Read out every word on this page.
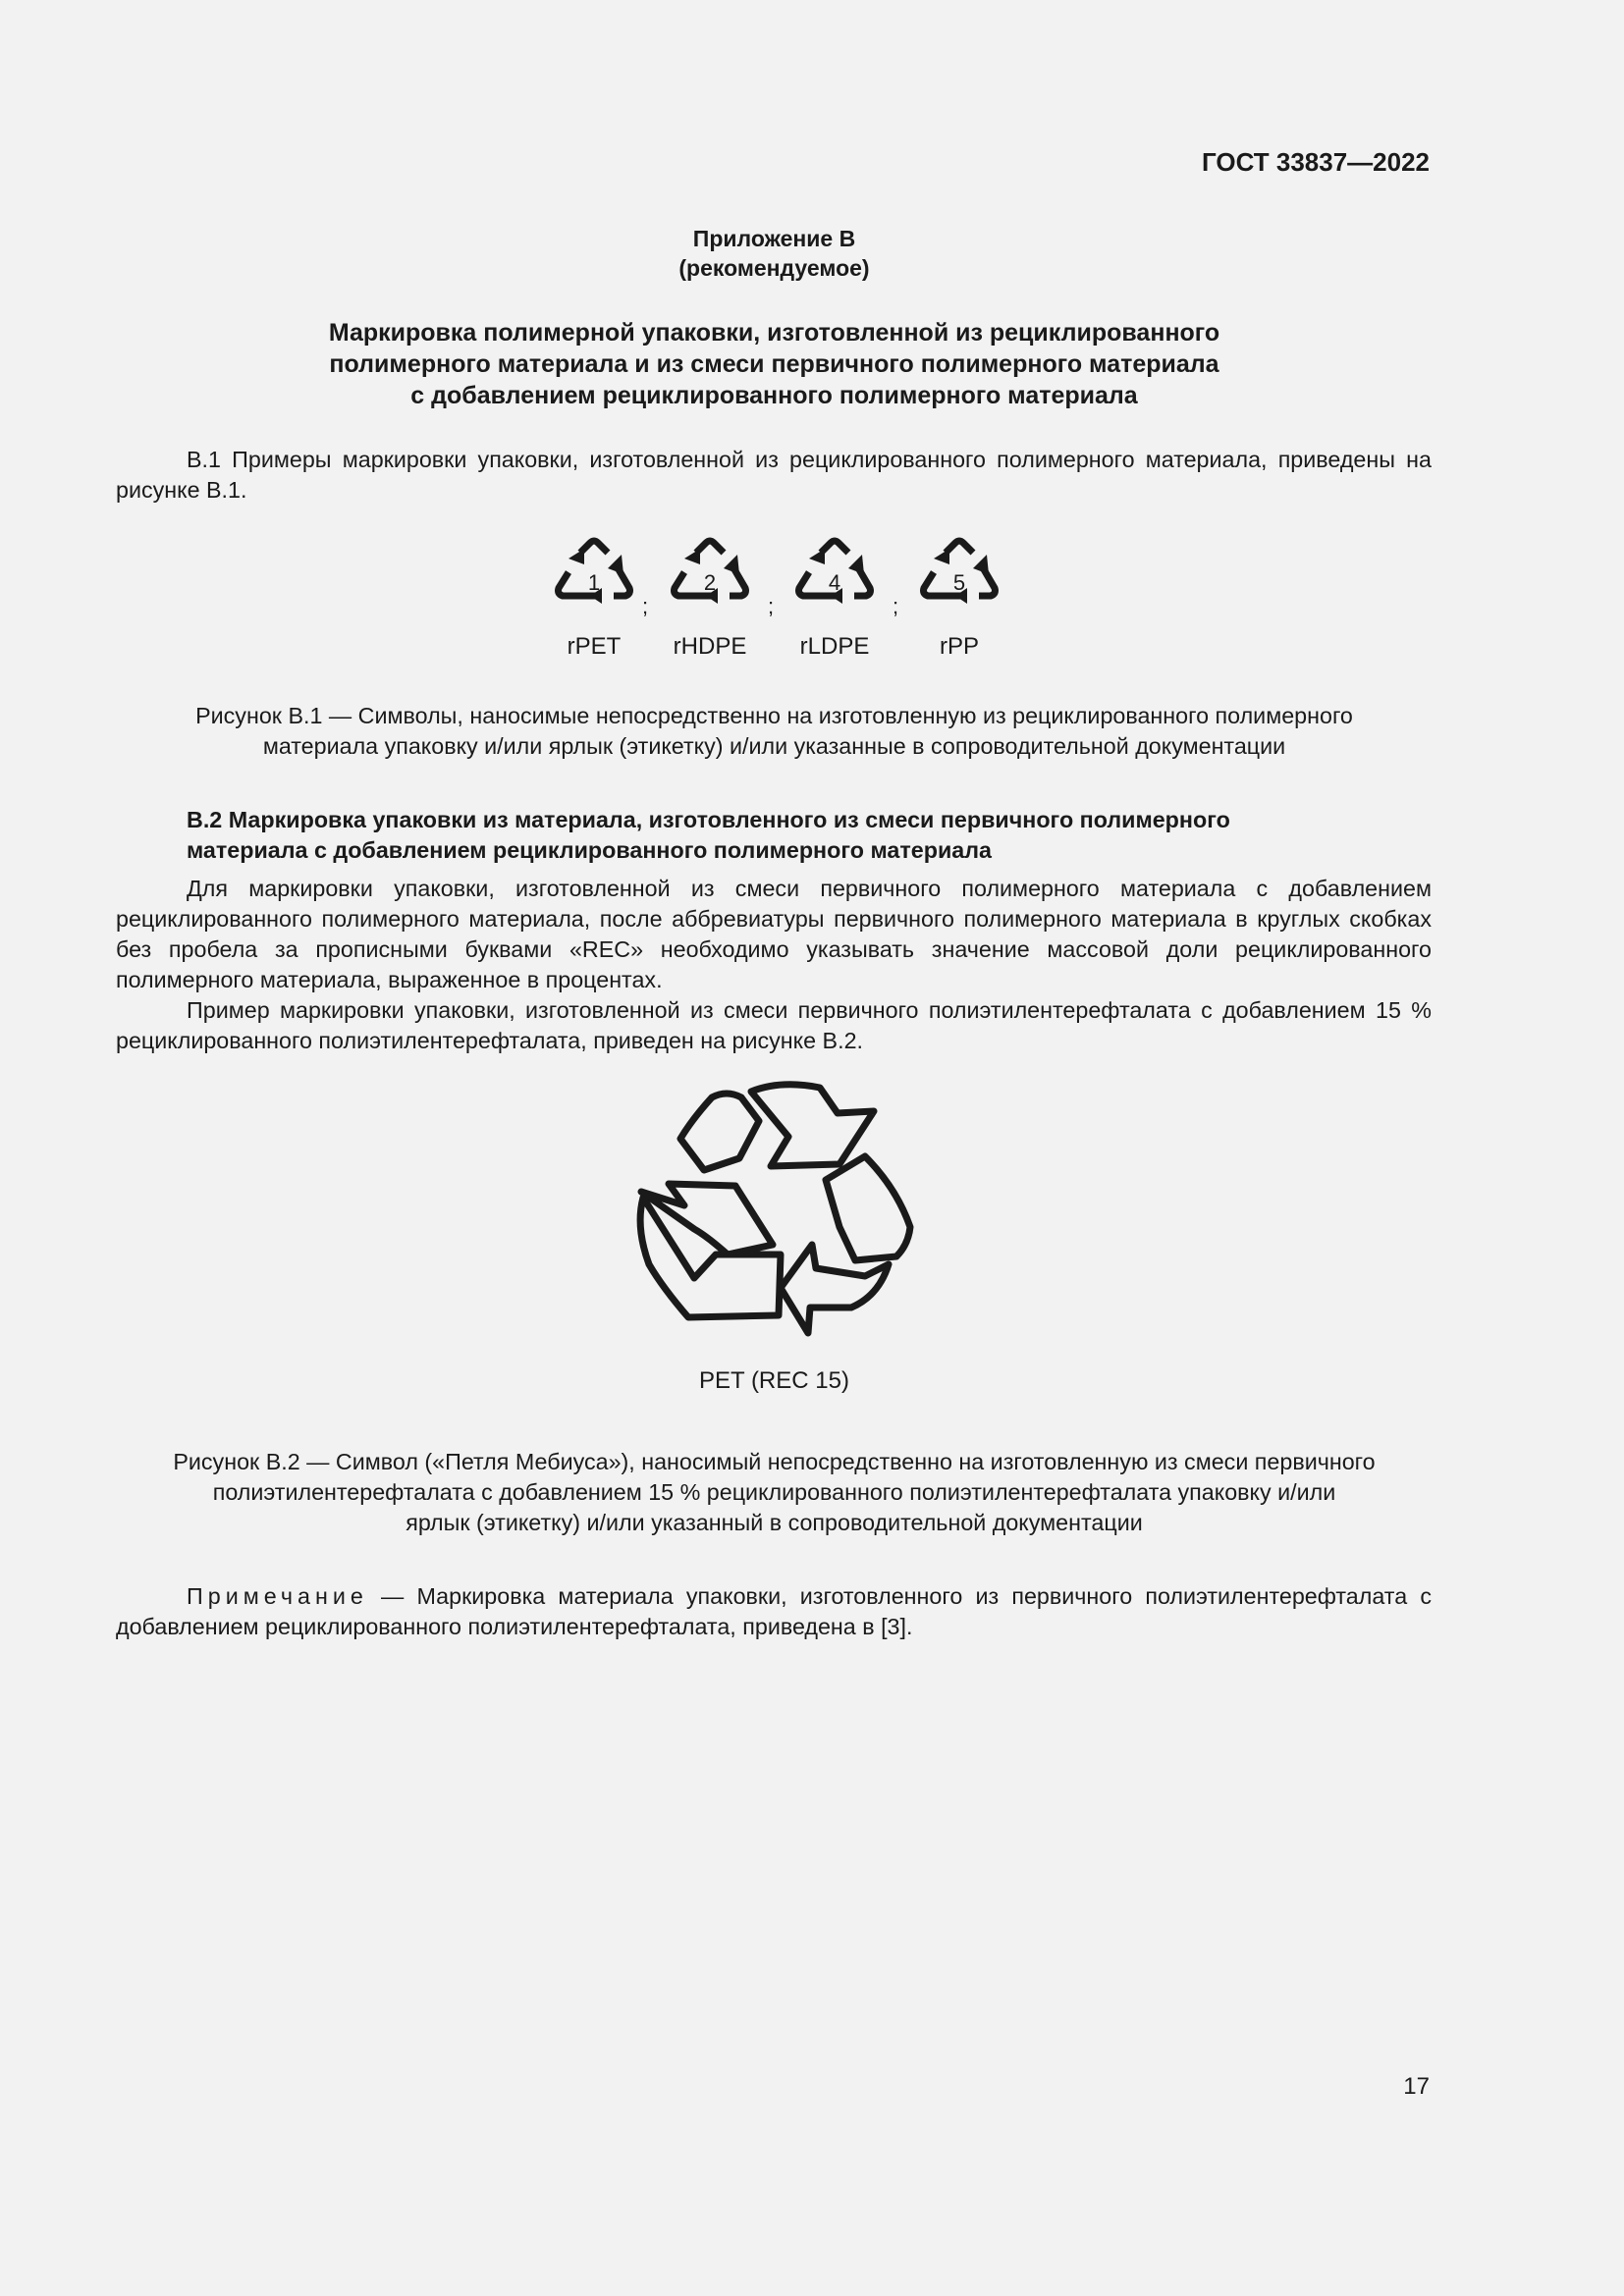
ГОСТ 33837—2022
Приложение В
(рекомендуемое)
Маркировка полимерной упаковки, изготовленной из рециклированного
полимерного материала и из смеси первичного полимерного материала
с добавлением рециклированного полимерного материала
В.1 Примеры маркировки упаковки, изготовленной из рециклированного полимерного материала, приведены на рисунке В.1.
1
rPET
;
2
rHDPE
;
4
rLDPE
;
5
rPP
Рисунок В.1 — Символы, наносимые непосредственно на изготовленную из рециклированного полимерного
материала упаковку и/или ярлык (этикетку) и/или указанные в сопроводительной документации
В.2 Маркировка упаковки из материала, изготовленного из смеси первичного полимерного
материала с добавлением рециклированного полимерного материала
Для маркировки упаковки, изготовленной из смеси первичного полимерного материала с добавлением рециклированного полимерного материала, после аббревиатуры первичного полимерного материала в круглых скобках без пробела за прописными буквами «REC» необходимо указывать значение массовой доли рециклированного полимерного материала, выраженное в процентах.
Пример маркировки упаковки, изготовленной из смеси первичного полиэтилентерефталата с добавлением 15 % рециклированного полиэтилентерефталата, приведен на рисунке В.2.
PET (REC 15)
Рисунок В.2 — Символ («Петля Мебиуса»), наносимый непосредственно на изготовленную из смеси первичного
полиэтилентерефталата с добавлением 15 % рециклированного полиэтилентерефталата упаковку и/или
ярлык (этикетку) и/или указанный в сопроводительной документации
Примечание — Маркировка материала упаковки, изготовленного из первичного полиэтилентерефталата с добавлением рециклированного полиэтилентерефталата, приведена в [3].
17
